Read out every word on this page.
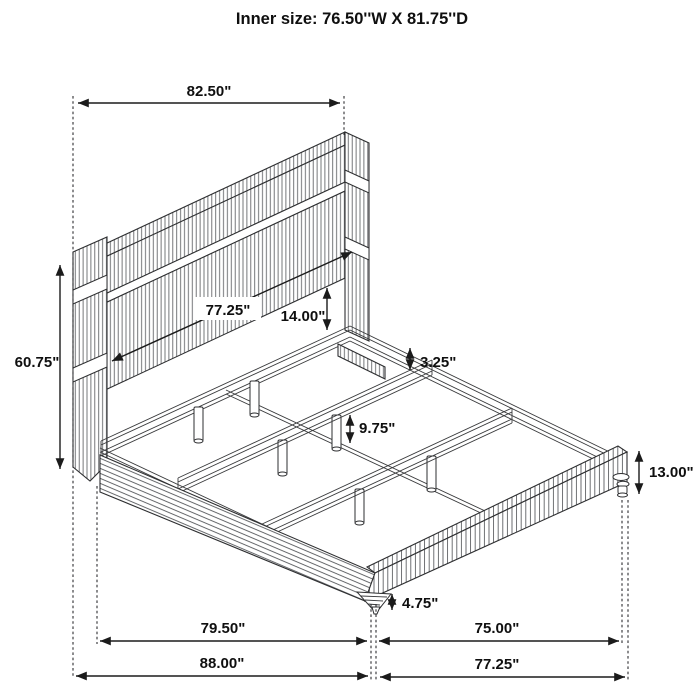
82.50"
60.75"
77.25" 14.00"
3.25"
9.75"
13.00"
4.75"
79.50"	75.00"
88.00"	77.25"
Inner size: 76.50''W X 81.75''D
